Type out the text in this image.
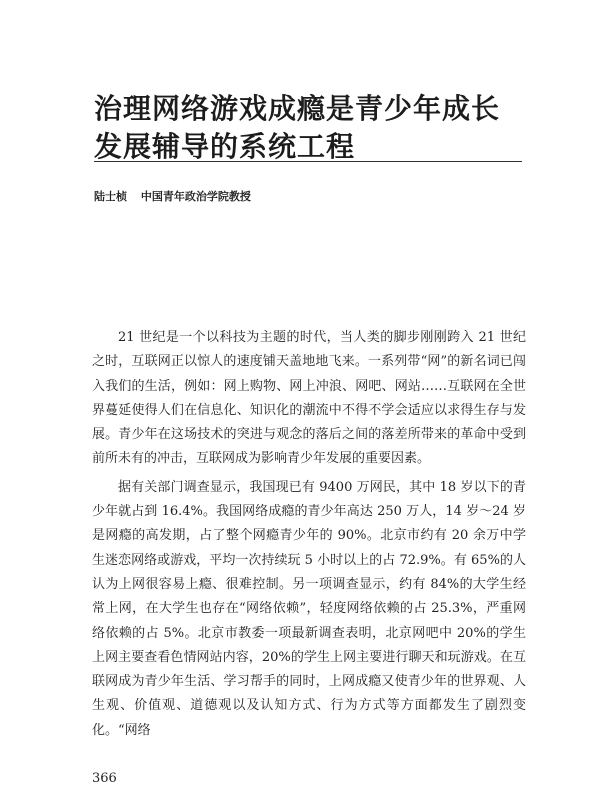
治理网络游戏成瘾是青少年成长
发展辅导的系统工程
陆士桢 中国青年政治学院教授

21 世纪是一个以科技为主题的时代，当人类的脚步刚刚跨入 21 世纪之时，互联网正以惊人的速度铺天盖地地飞来。一系列带“网”的新名词已闯入我们的生活，例如：网上购物、网上冲浪、网吧、网站……互联网在全世界蔓延使得人们在信息化、知识化的潮流中不得不学会适应以求得生存与发展。青少年在这场技术的突进与观念的落后之间的落差所带来的革命中受到前所未有的冲击，互联网成为影响青少年发展的重要因素。

据有关部门调查显示，我国现已有 9400 万网民，其中 18 岁以下的青少年就占到 16.4%。我国网络成瘾的青少年高达 250 万人，14 岁～24 岁是网瘾的高发期，占了整个网瘾青少年的 90%。北京市约有 20 余万中学生迷恋网络或游戏，平均一次持续玩 5 小时以上的占 72.9%。有 65%的人认为上网很容易上瘾、很难控制。另一项调查显示，约有 84%的大学生经常上网，在大学生也存在“网络依赖”，轻度网络依赖的占 25.3%，严重网络依赖的占 5%。北京市教委一项最新调查表明，北京网吧中 20%的学生上网主要查看色情网站内容，20%的学生上网主要进行聊天和玩游戏。在互联网成为青少年生活、学习帮手的同时，上网成瘾又使青少年的世界观、人生观、价值观、道德观以及认知方式、行为方式等方面都发生了剧烈变化。“网络

366
